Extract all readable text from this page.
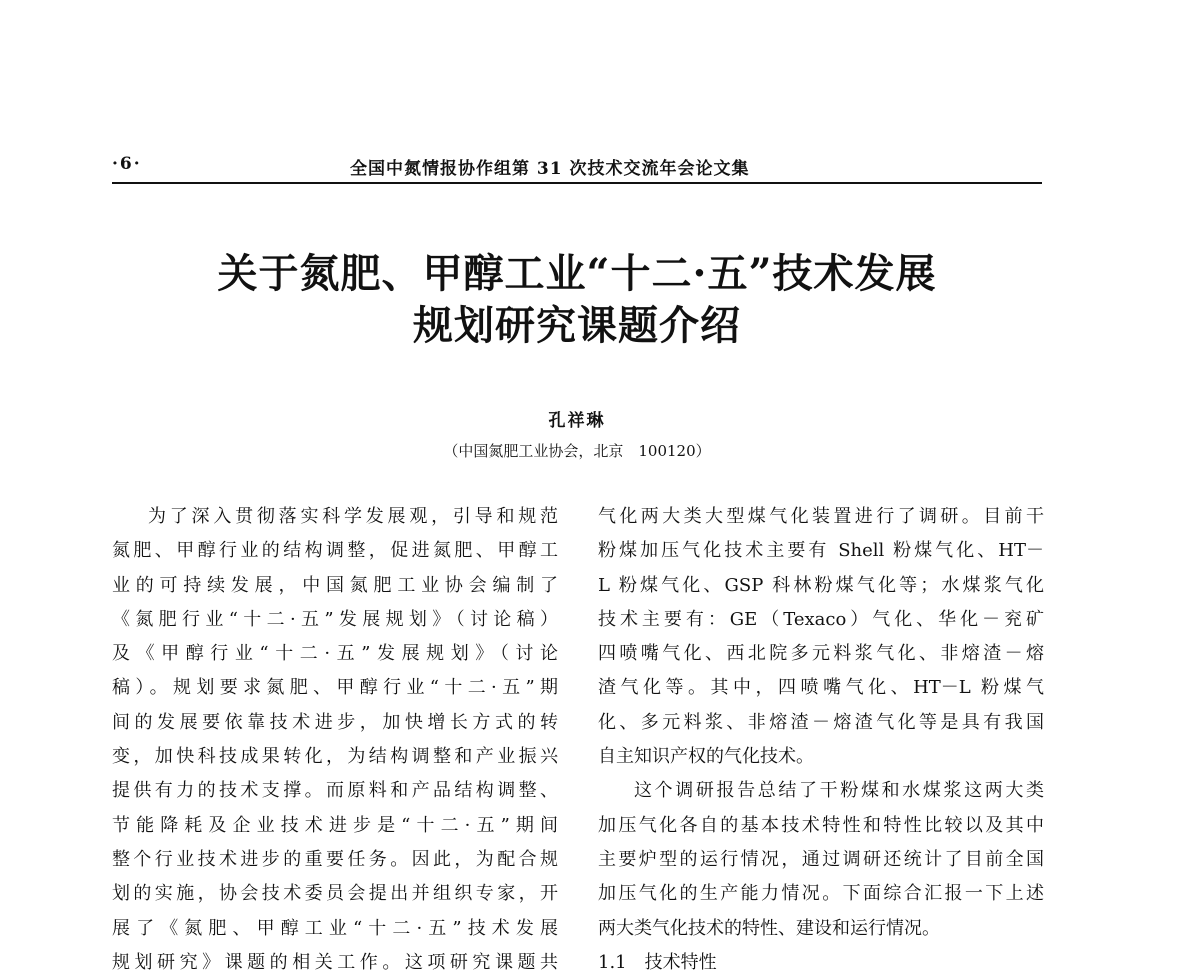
·6·	全国中氮情报协作组第 31 次技术交流年会论文集
关于氮肥、甲醇工业“十二·五”技术发展
规划研究课题介绍
孔祥琳
（中国氮肥工业协会，北京　100120）
为了深入贯彻落实科学发展观，引导和规范
氮肥、甲醇行业的结构调整，促进氮肥、甲醇工
业的可持续发展，中国氮肥工业协会编制了
《氮肥行业“十二·五”发展规划》（讨论稿）
及《甲醇行业“十二·五”发展规划》（讨论
稿）。规划要求氮肥、甲醇行业“十二·五”期
间的发展要依靠技术进步，加快增长方式的转
变，加快科技成果转化，为结构调整和产业振兴
提供有力的技术支撑。而原料和产品结构调整、
节能降耗及企业技术进步是“十二·五”期间
整个行业技术进步的重要任务。因此，为配合规
划的实施，协会技术委员会提出并组织专家，开
展了《氮肥、甲醇工业“十二·五”技术发展
规划研究》课题的相关工作。这项研究课题共
气化两大类大型煤气化装置进行了调研。目前干
粉煤加压气化技术主要有 Shell 粉煤气化、HT－
L 粉煤气化、GSP 科林粉煤气化等；水煤浆气化
技术主要有：GE（Texaco）气化、华化－兖矿
四喷嘴气化、西北院多元料浆气化、非熔渣－熔
渣气化等。其中，四喷嘴气化、HT－L 粉煤气
化、多元料浆、非熔渣－熔渣气化等是具有我国
自主知识产权的气化技术。
这个调研报告总结了干粉煤和水煤浆这两大类
加压气化各自的基本技术特性和特性比较以及其中
主要炉型的运行情况，通过调研还统计了目前全国
加压气化的生产能力情况。下面综合汇报一下上述
两大类气化技术的特性、建设和运行情况。
1.1　技术特性
